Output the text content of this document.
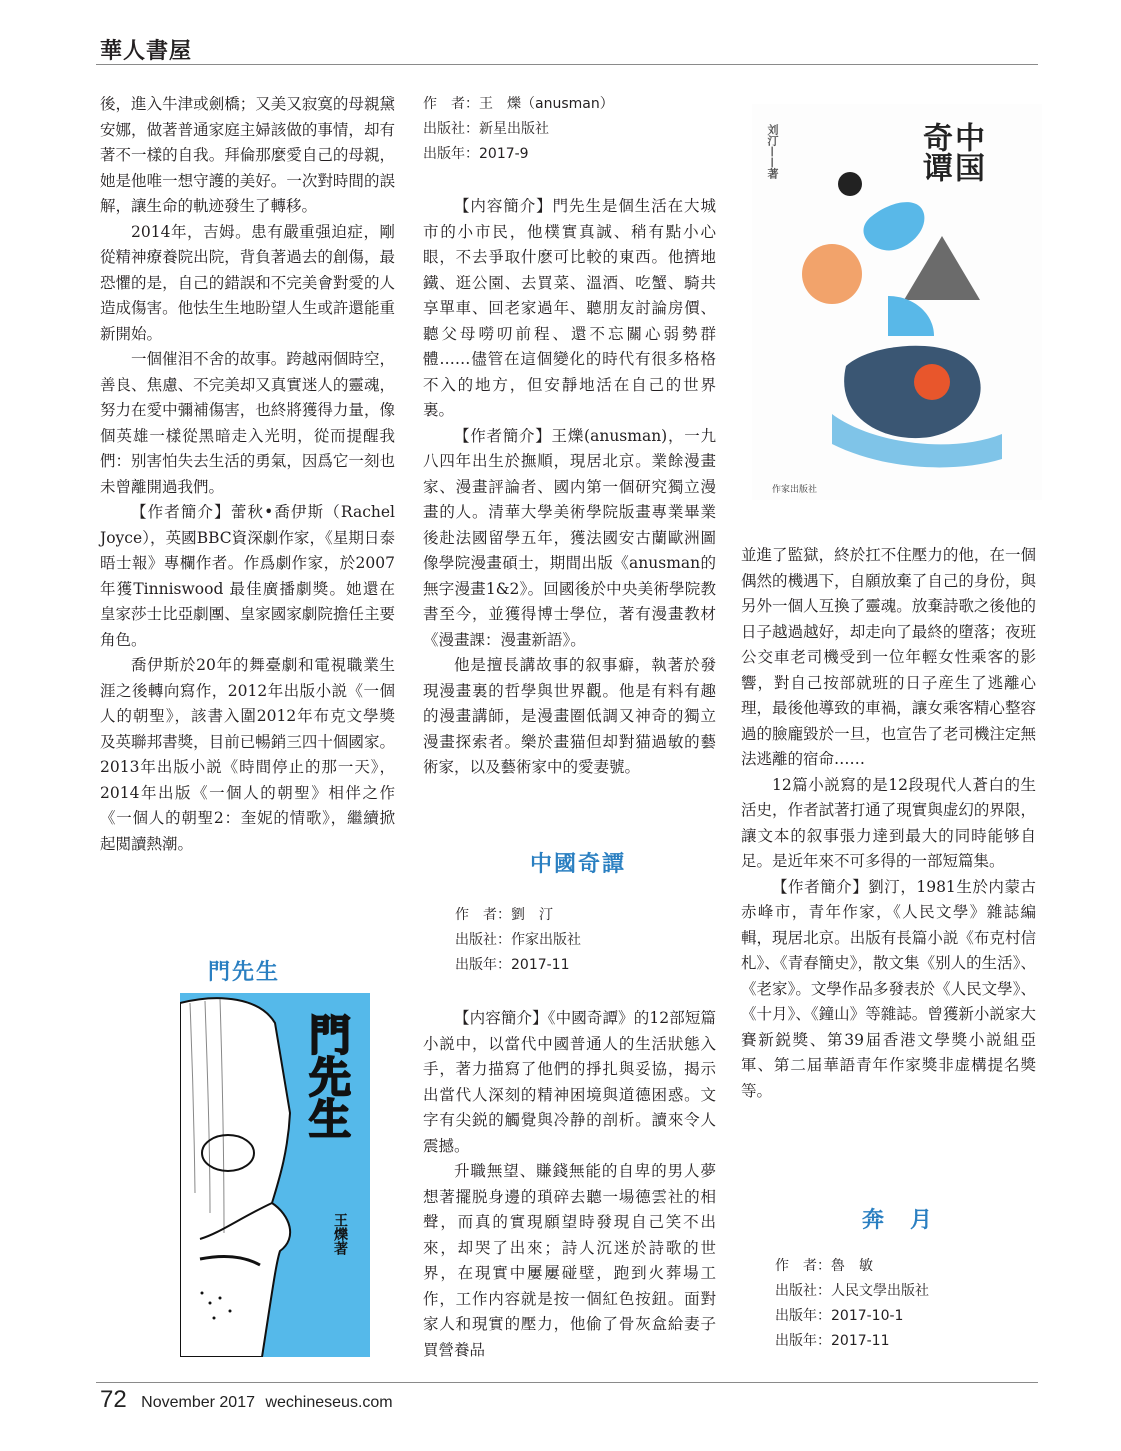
華人書屋

後，進入牛津或劍橋；又美又寂寞的母親黛安娜，做著普通家庭主婦該做的事情，却有著不一樣的自我。拜倫那麼愛自己的母親，她是他唯一想守護的美好。一次對時間的誤解，讓生命的軌迹發生了轉移。

2014年，吉姆。患有嚴重强迫症，剛從精神療養院出院，背負著過去的創傷，最恐懼的是，自己的錯誤和不完美會對愛的人造成傷害。他怯生生地盼望人生或許還能重新開始。

一個催泪不舍的故事。跨越兩個時空，善良、焦慮、不完美却又真實迷人的靈魂，努力在愛中彌補傷害，也終將獲得力量，像個英雄一樣從黑暗走入光明，從而提醒我們：别害怕失去生活的勇氣，因爲它一刻也未曾離開過我們。

【作者簡介】蕾秋•喬伊斯（Rachel Joyce），英國BBC資深劇作家，《星期日泰晤士報》專欄作者。作爲劇作家，於2007年獲Tinniswood 最佳廣播劇獎。她還在皇家莎士比亞劇團、皇家國家劇院擔任主要角色。

喬伊斯於20年的舞臺劇和電視職業生涯之後轉向寫作，2012年出版小説《一個人的朝聖》，該書入圍2012年布克文學獎及英聯邦書獎，目前已暢銷三四十個國家。2013年出版小説《時間停止的那一天》，2014年出版《一個人的朝聖》相伴之作《一個人的朝聖2：奎妮的情歌》，繼續掀起閲讀熱潮。

門先生
門先生
王爍著
作　者：王　爍（anusman）
出版社：新星出版社
出版年：2017-9

【内容簡介】門先生是個生活在大城市的小市民，他樸實真誠、稍有點小心眼，不去爭取什麽可比較的東西。他擠地鐵、逛公園、去買菜、溫酒、吃蟹、騎共享單車、回老家過年、聽朋友討論房價、聽父母嘮叨前程、還不忘關心弱勢群體……儘管在這個變化的時代有很多格格不入的地方，但安靜地活在自己的世界裏。

【作者簡介】王爍(anusman)，一九八四年出生於撫順，現居北京。業餘漫畫家、漫畫評論者、國内第一個研究獨立漫畫的人。清華大學美術學院版畫專業畢業後赴法國留學五年，獲法國安古蘭歐洲圖像學院漫畫碩士，期間出版《anusman的無字漫畫1&2》。回國後於中央美術學院教書至今，並獲得博士學位，著有漫畫教材《漫畫課：漫畫新語》。

他是擅長講故事的叙事癖，執著於發現漫畫裏的哲學與世界觀。他是有料有趣的漫畫講師，是漫畫圈低調又神奇的獨立漫畫探索者。樂於畫猫但却對猫過敏的藝術家，以及藝術家中的愛妻號。

中國奇譚
作　者：劉　汀
出版社：作家出版社
出版年：2017-11

【内容簡介】《中國奇譚》的12部短篇小説中，以當代中國普通人的生活狀態入手，著力描寫了他們的掙扎與妥協，揭示出當代人深刻的精神困境與道德困惑。文字有尖鋭的觸覺與冷静的剖析。讀來令人震撼。

升職無望、賺錢無能的自卑的男人夢想著擺脱身邊的瑣碎去聽一場德雲社的相聲，而真的實現願望時發現自己笑不出來，却哭了出來；詩人沉迷於詩歌的世界，在現實中屢屢碰壁，跑到火葬場工作，工作内容就是按一個紅色按鈕。面對家人和現實的壓力，他偷了骨灰盒給妻子買營養品

中国
奇谭
刘汀——著
作家出版社

並進了監獄，終於扛不住壓力的他，在一個偶然的機遇下，自願放棄了自己的身份，與另外一個人互換了靈魂。放棄詩歌之後他的日子越過越好，却走向了最終的墮落；夜班公交車老司機受到一位年輕女性乘客的影響，對自己按部就班的日子産生了逃離心理，最後他導致的車禍，讓女乘客精心整容過的臉龐毀於一旦，也宣告了老司機注定無法逃離的宿命……

12篇小説寫的是12段現代人蒼白的生活史，作者試著打通了現實與虚幻的界限，讓文本的叙事張力達到最大的同時能够自足。是近年來不可多得的一部短篇集。

【作者簡介】劉汀，1981生於内蒙古赤峰市，青年作家，《人民文學》雜誌編輯，現居北京。出版有長篇小説《布克村信札》、《青春簡史》，散文集《别人的生活》、《老家》。文學作品多發表於《人民文學》、《十月》、《鐘山》等雜誌。曾獲新小説家大賽新鋭獎、第39届香港文學獎小説組亞軍、第二届華語青年作家獎非虚構提名獎等。

奔　月
作　者：魯　敏
出版社：人民文學出版社
出版年：2017-10-1
出版年：2017-11
72 November 2017 wechineseus.com
